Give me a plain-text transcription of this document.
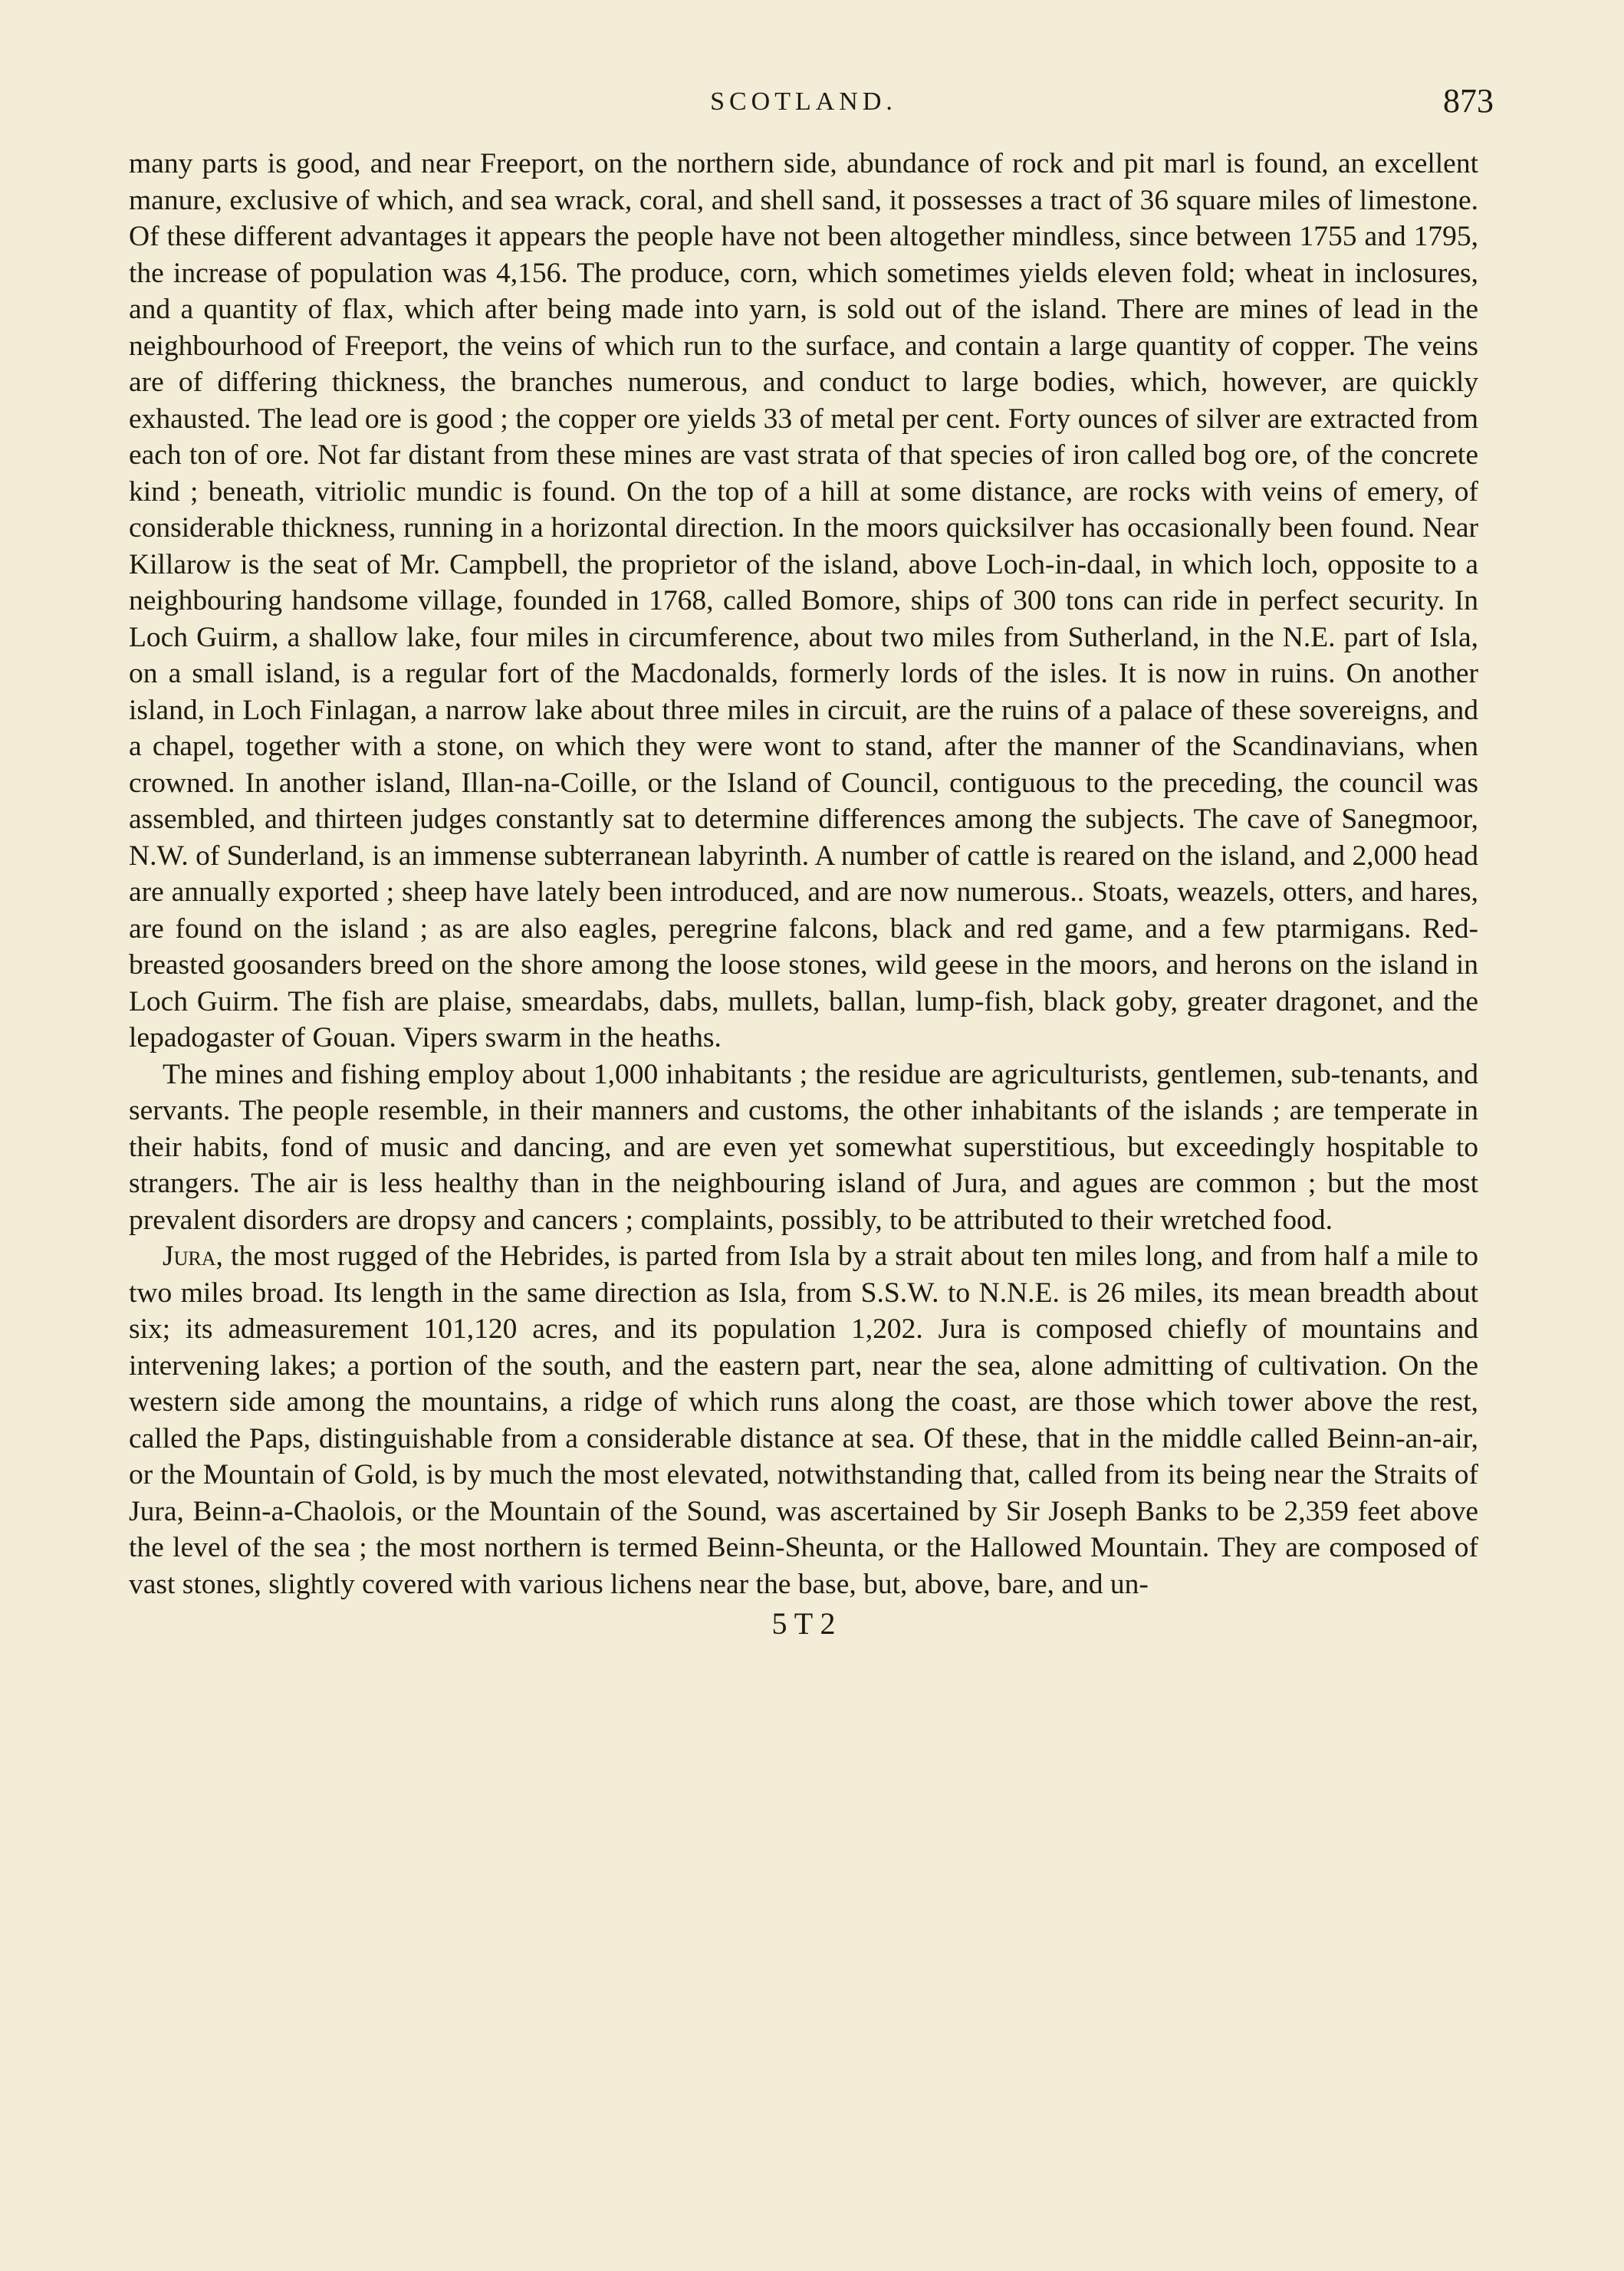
SCOTLAND.	873

many parts is good, and near Freeport, on the northern side, abundance of rock and pit marl is found, an excellent manure, exclusive of which, and sea wrack, coral, and shell sand, it possesses a tract of 36 square miles of limestone. Of these different advantages it appears the people have not been altogether mindless, since between 1755 and 1795, the increase of population was 4,156. The produce, corn, which sometimes yields eleven fold; wheat in inclosures, and a quantity of flax, which after being made into yarn, is sold out of the island. There are mines of lead in the neighbourhood of Freeport, the veins of which run to the surface, and contain a large quantity of copper. The veins are of differing thickness, the branches numerous, and conduct to large bodies, which, however, are quickly exhausted. The lead ore is good ; the copper ore yields 33 of metal per cent. Forty ounces of silver are extracted from each ton of ore. Not far distant from these mines are vast strata of that species of iron called bog ore, of the concrete kind ; beneath, vitriolic mundic is found. On the top of a hill at some distance, are rocks with veins of emery, of considerable thickness, running in a horizontal direction. In the moors quicksilver has occasionally been found. Near Killarow is the seat of Mr. Campbell, the proprietor of the island, above Loch-in-daal, in which loch, opposite to a neighbouring handsome village, founded in 1768, called Bomore, ships of 300 tons can ride in perfect security. In Loch Guirm, a shallow lake, four miles in circumference, about two miles from Sutherland, in the N.E. part of Isla, on a small island, is a regular fort of the Macdonalds, formerly lords of the isles. It is now in ruins. On another island, in Loch Finlagan, a narrow lake about three miles in circuit, are the ruins of a palace of these sovereigns, and a chapel, together with a stone, on which they were wont to stand, after the manner of the Scandinavians, when crowned. In another island, Illan-na-Coille, or the Island of Council, contiguous to the preceding, the council was assembled, and thirteen judges constantly sat to determine differences among the subjects. The cave of Sanegmoor, N.W. of Sunderland, is an immense subterranean labyrinth. A number of cattle is reared on the island, and 2,000 head are annually exported ; sheep have lately been introduced, and are now numerous.. Stoats, weazels, otters, and hares, are found on the island ; as are also eagles, peregrine falcons, black and red game, and a few ptarmigans. Red-breasted goosanders breed on the shore among the loose stones, wild geese in the moors, and herons on the island in Loch Guirm. The fish are plaise, smeardabs, dabs, mullets, ballan, lump-fish, black goby, greater dragonet, and the lepadogaster of Gouan. Vipers swarm in the heaths.

The mines and fishing employ about 1,000 inhabitants ; the residue are agriculturists, gentlemen, sub-tenants, and servants. The people resemble, in their manners and customs, the other inhabitants of the islands ; are temperate in their habits, fond of music and dancing, and are even yet somewhat superstitious, but exceedingly hospitable to strangers. The air is less healthy than in the neighbouring island of Jura, and agues are common ; but the most prevalent disorders are dropsy and cancers ; complaints, possibly, to be attributed to their wretched food.

Jura, the most rugged of the Hebrides, is parted from Isla by a strait about ten miles long, and from half a mile to two miles broad. Its length in the same direction as Isla, from S.S.W. to N.N.E. is 26 miles, its mean breadth about six; its admeasurement 101,120 acres, and its population 1,202. Jura is composed chiefly of mountains and intervening lakes; a portion of the south, and the eastern part, near the sea, alone admitting of cultivation. On the western side among the mountains, a ridge of which runs along the coast, are those which tower above the rest, called the Paps, distinguishable from a considerable distance at sea. Of these, that in the middle called Beinn-an-air, or the Mountain of Gold, is by much the most elevated, notwithstanding that, called from its being near the Straits of Jura, Beinn-a-Chaolois, or the Mountain of the Sound, was ascertained by Sir Joseph Banks to be 2,359 feet above the level of the sea ; the most northern is termed Beinn-Sheunta, or the Hallowed Mountain. They are composed of vast stones, slightly covered with various lichens near the base, but, above, bare, and un-

5 T 2
